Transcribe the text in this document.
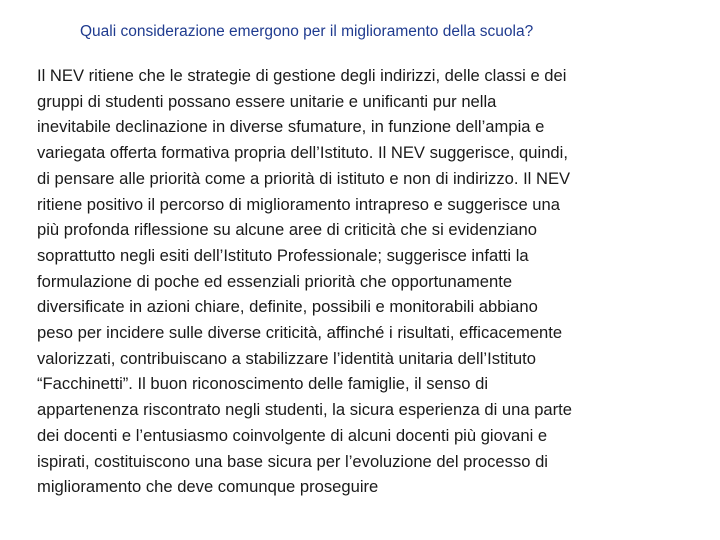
Quali considerazione emergono per il miglioramento della scuola?

Il NEV ritiene che le strategie di gestione degli indirizzi, delle classi e dei
gruppi di studenti possano essere unitarie e unificanti pur nella
inevitabile declinazione in diverse sfumature, in funzione dell’ampia e
variegata offerta formativa propria dell’Istituto. Il NEV suggerisce, quindi,
di pensare alle priorità come a priorità di istituto e non di indirizzo. Il NEV
ritiene positivo il percorso di miglioramento intrapreso e suggerisce una
più profonda riflessione su alcune aree di criticità che si evidenziano
soprattutto negli esiti dell’Istituto Professionale; suggerisce infatti la
formulazione di poche ed essenziali priorità che opportunamente
diversificate in azioni chiare, definite, possibili e monitorabili abbiano
peso per incidere sulle diverse criticità, affinché i risultati, efficacemente
valorizzati, contribuiscano a stabilizzare l’identità unitaria dell’Istituto
“Facchinetti”. Il buon riconoscimento delle famiglie, il senso di
appartenenza riscontrato negli studenti, la sicura esperienza di una parte
dei docenti e l’entusiasmo coinvolgente di alcuni docenti più giovani e
ispirati, costituiscono una base sicura per l’evoluzione del processo di
miglioramento che deve comunque proseguire
